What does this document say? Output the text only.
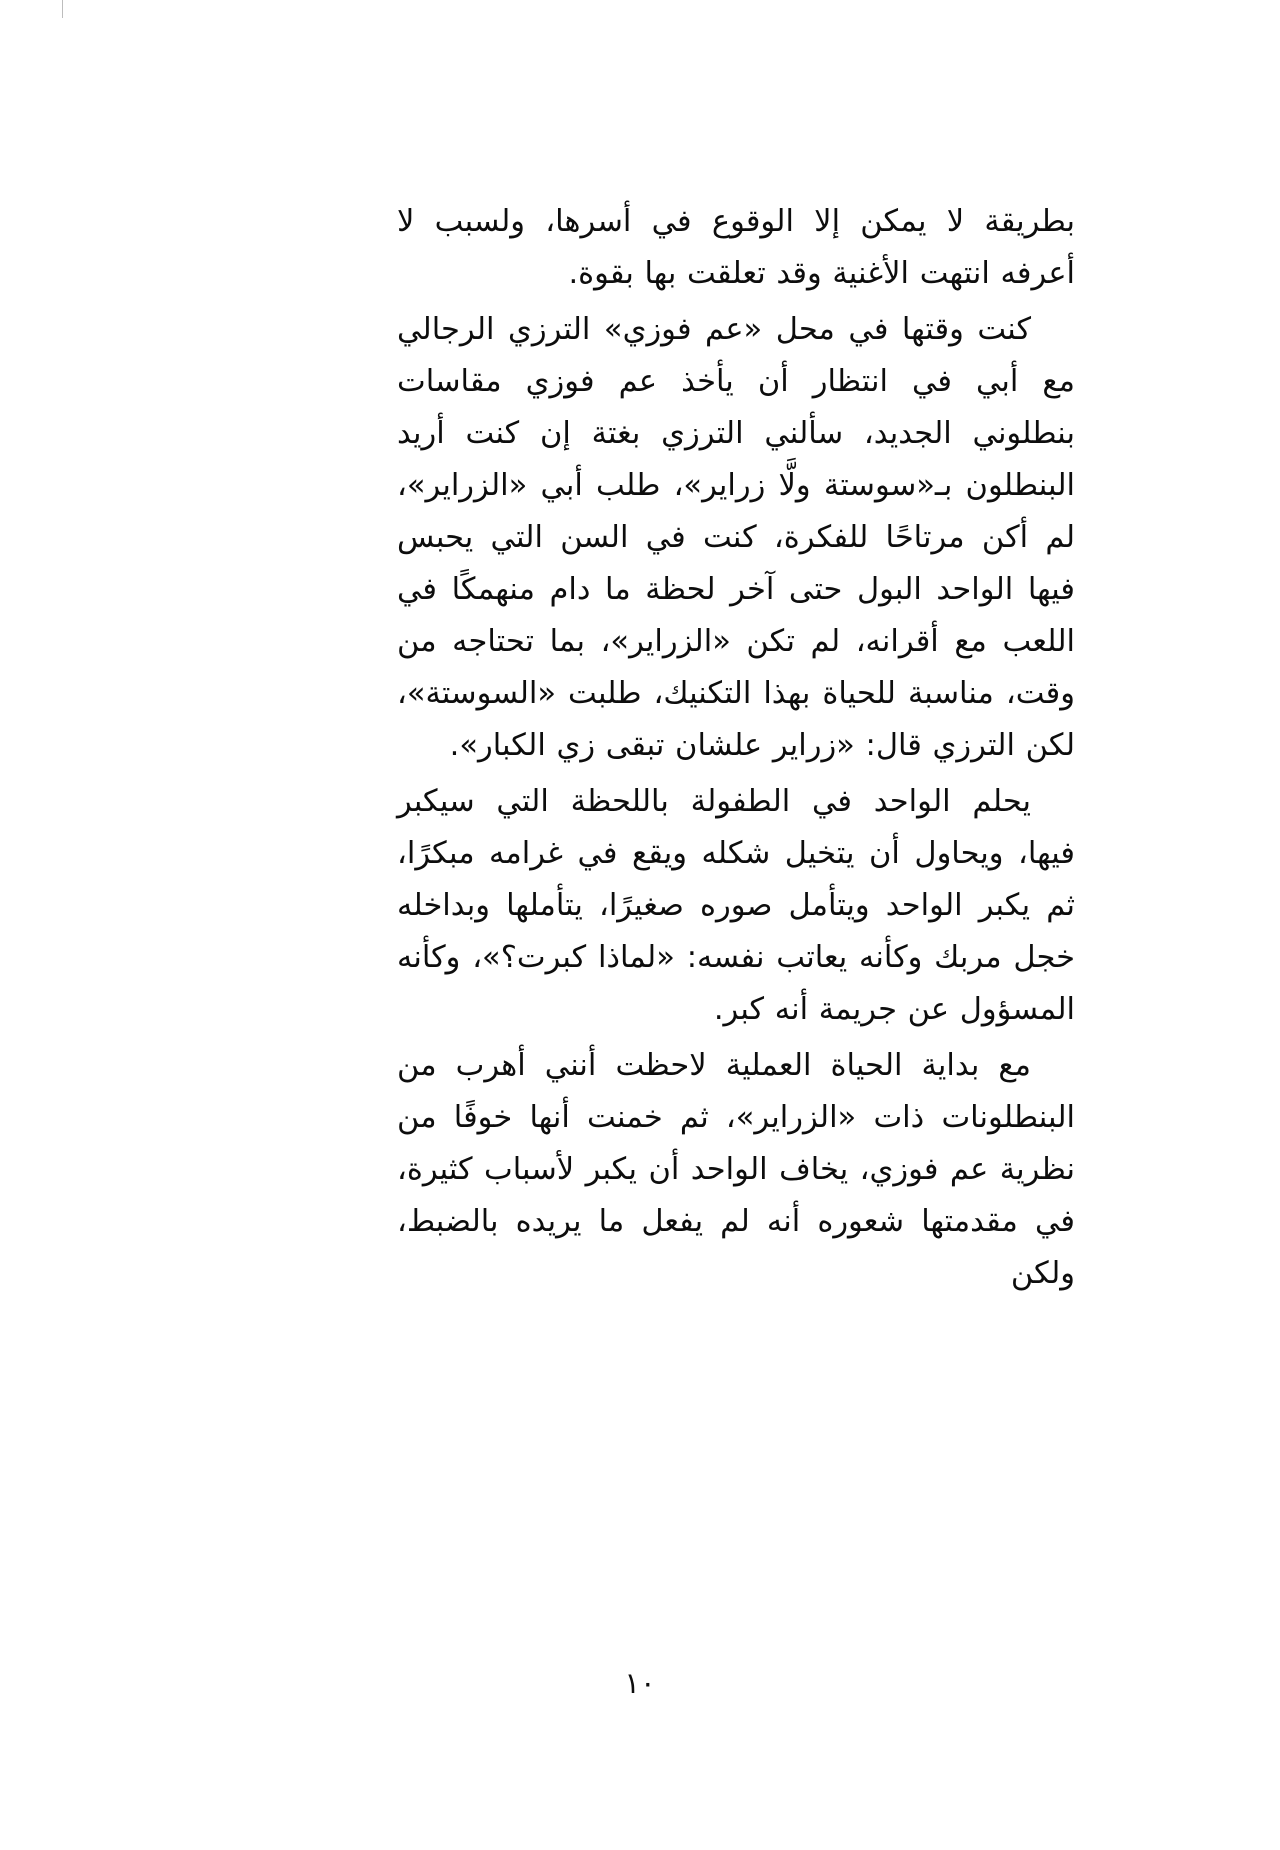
بطريقة لا يمكن إلا الوقوع في أسرها، ولسبب لا أعرفه انتهت الأغنية وقد تعلقت بها بقوة.

كنت وقتها في محل «عم فوزي» الترزي الرجالي مع أبي في انتظار أن يأخذ عم فوزي مقاسات بنطلوني الجديد، سألني الترزي بغتة إن كنت أريد البنطلون بـ«سوستة ولَّا زراير»، طلب أبي «الزراير»، لم أكن مرتاحًا للفكرة، كنت في السن التي يحبس فيها الواحد البول حتى آخر لحظة ما دام منهمكًا في اللعب مع أقرانه، لم تكن «الزراير»، بما تحتاجه من وقت، مناسبة للحياة بهذا التكنيك، طلبت «السوستة»، لكن الترزي قال: «زراير علشان تبقى زي الكبار».

يحلم الواحد في الطفولة باللحظة التي سيكبر فيها، ويحاول أن يتخيل شكله ويقع في غرامه مبكرًا، ثم يكبر الواحد ويتأمل صوره صغيرًا، يتأملها وبداخله خجل مربك وكأنه يعاتب نفسه: «لماذا كبرت؟»، وكأنه المسؤول عن جريمة أنه كبر.

مع بداية الحياة العملية لاحظت أنني أهرب من البنطلونات ذات «الزراير»، ثم خمنت أنها خوفًا من نظرية عم فوزي، يخاف الواحد أن يكبر لأسباب كثيرة، في مقدمتها شعوره أنه لم يفعل ما يريده بالضبط، ولكن

١٠
